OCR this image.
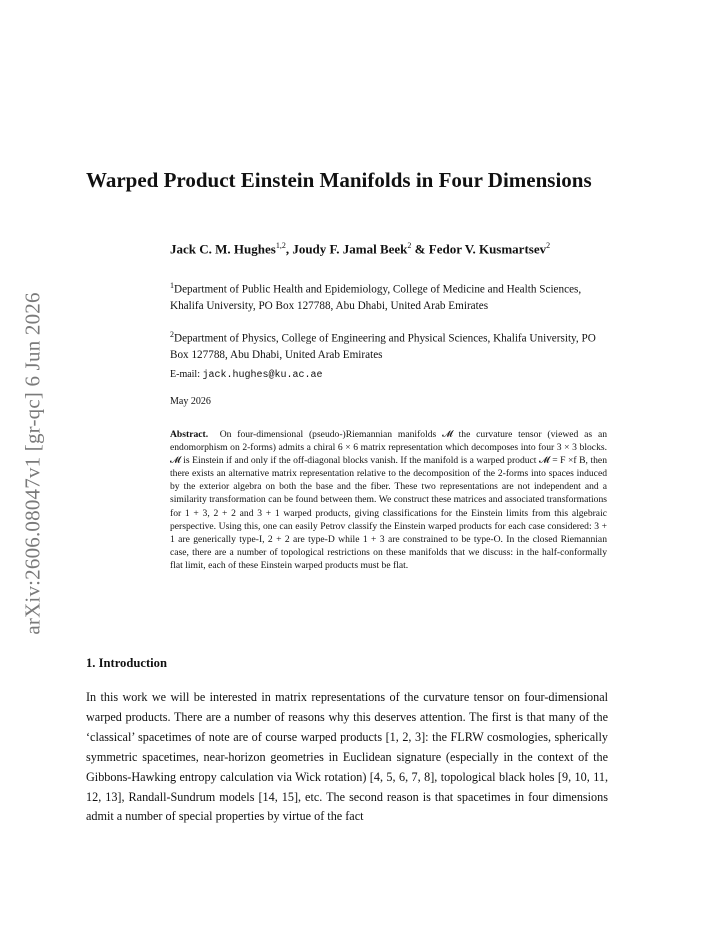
arXiv:2606.08047v1 [gr-qc] 6 Jun 2026
Warped Product Einstein Manifolds in Four Dimensions
Jack C. M. Hughes$^{1,2}$, Joudy F. Jamal Beek$^2$ & Fedor V. Kusmartsev$^2$
$^1$Department of Public Health and Epidemiology, College of Medicine and Health Sciences, Khalifa University, PO Box 127788, Abu Dhabi, United Arab Emirates
$^2$Department of Physics, College of Engineering and Physical Sciences, Khalifa University, PO Box 127788, Abu Dhabi, United Arab Emirates
E-mail: jack.hughes@ku.ac.ae
May 2026

Abstract. On four-dimensional (pseudo-)Riemannian manifolds 𝓜 the curvature tensor (viewed as an endomorphism on 2-forms) admits a chiral 6 × 6 matrix representation which decomposes into four 3 × 3 blocks. 𝓜 is Einstein if and only if the off-diagonal blocks vanish. If the manifold is a warped product 𝓜 = F ×f B, then there exists an alternative matrix representation relative to the decomposition of the 2-forms into spaces induced by the exterior algebra on both the base and the fiber. These two representations are not independent and a similarity transformation can be found between them. We construct these matrices and associated transformations for 1 + 3, 2 + 2 and 3 + 1 warped products, giving classifications for the Einstein limits from this algebraic perspective. Using this, one can easily Petrov classify the Einstein warped products for each case considered: 3 + 1 are generically type-I, 2 + 2 are type-D while 1 + 3 are constrained to be type-O. In the closed Riemannian case, there are a number of topological restrictions on these manifolds that we discuss: in the half-conformally flat limit, each of these Einstein warped products must be flat.

1. Introduction

In this work we will be interested in matrix representations of the curvature tensor on four-dimensional warped products. There are a number of reasons why this deserves attention. The first is that many of the ‘classical’ spacetimes of note are of course warped products [1, 2, 3]: the FLRW cosmologies, spherically symmetric spacetimes, near-horizon geometries in Euclidean signature (especially in the context of the Gibbons-Hawking entropy calculation via Wick rotation) [4, 5, 6, 7, 8], topological black holes [9, 10, 11, 12, 13], Randall-Sundrum models [14, 15], etc. The second reason is that spacetimes in four dimensions admit a number of special properties by virtue of the fact
